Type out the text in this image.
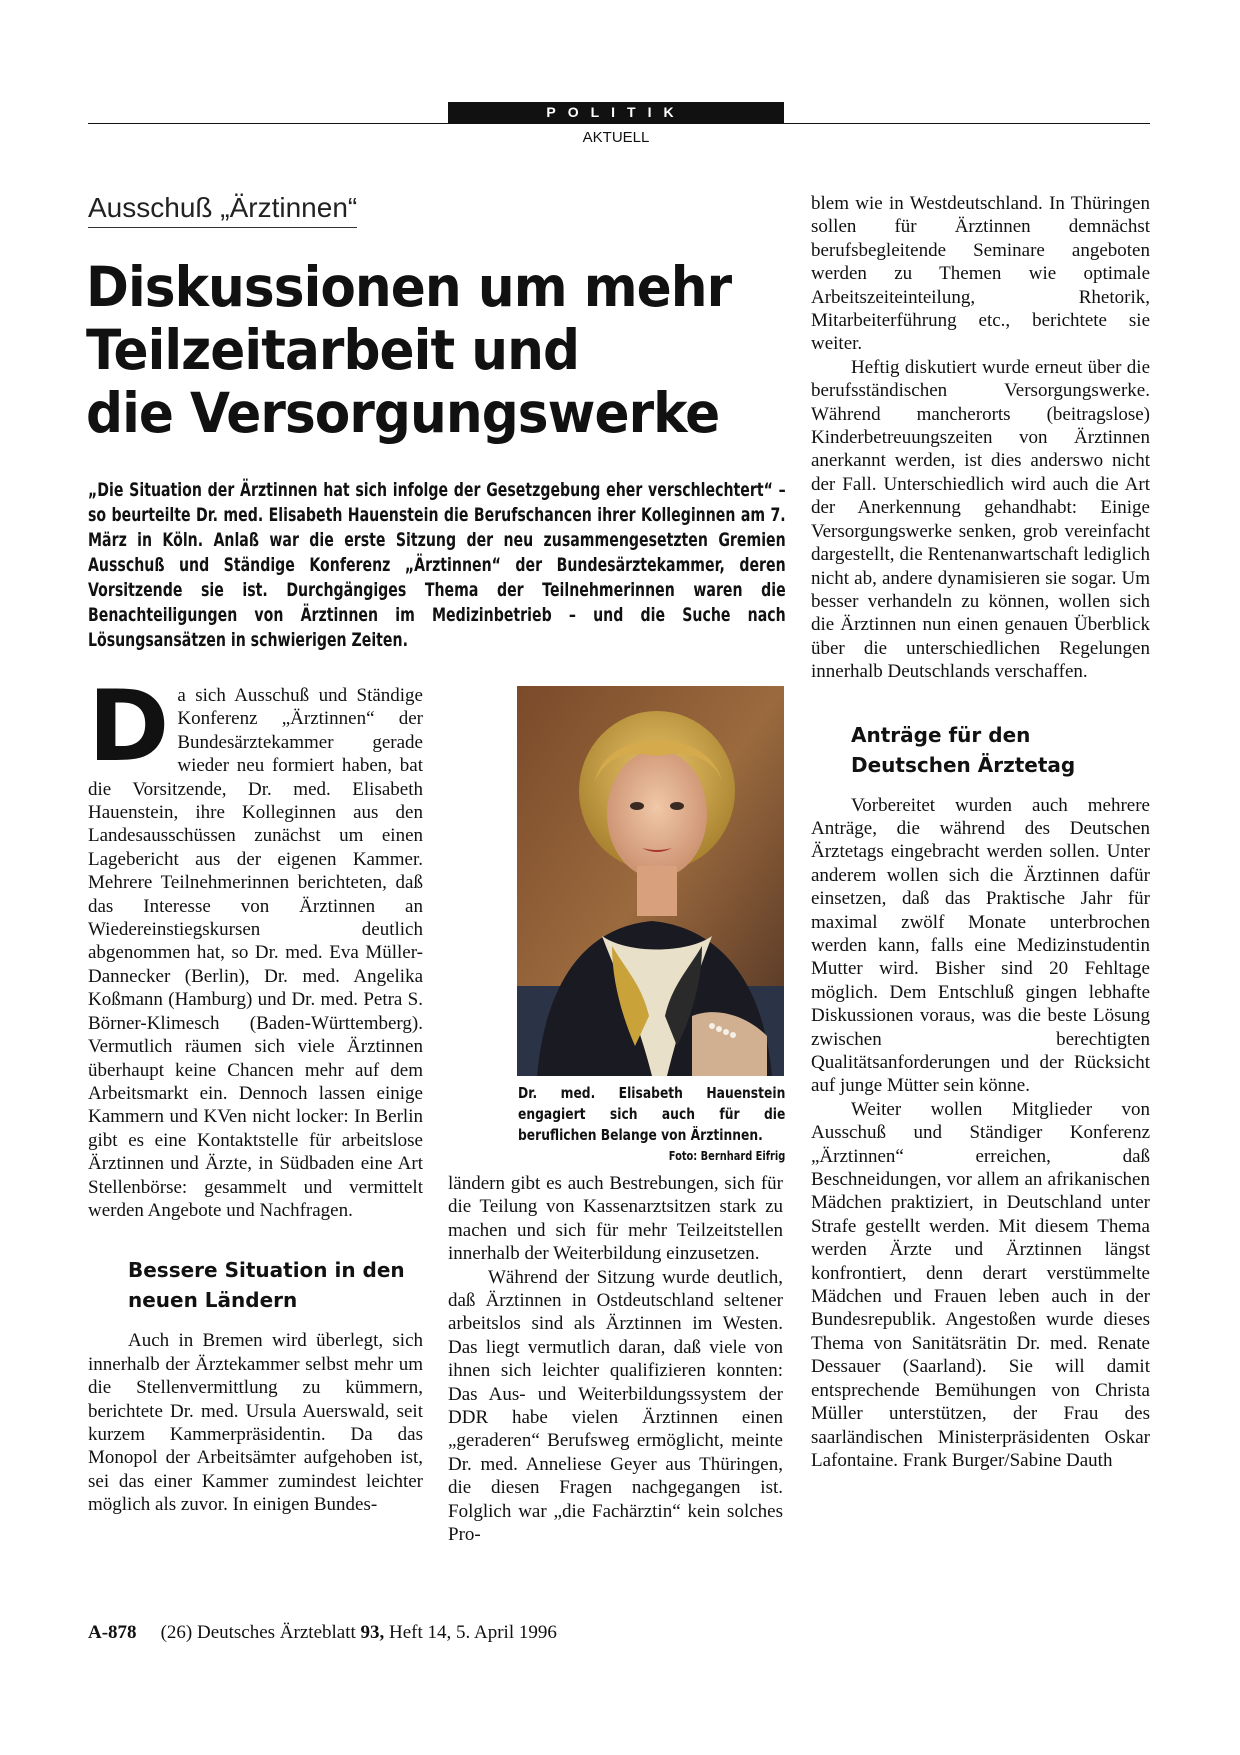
POLITIK
AKTUELL
Ausschuß „Ärztinnen“
Diskussionen um mehr
Teilzeitarbeit und
die Versorgungswerke

„Die Situation der Ärztinnen hat sich infolge der Gesetzgebung eher verschlechtert“ – so beurteilte Dr. med. Elisabeth Hauenstein die Berufschancen ihrer Kolleginnen am 7. März in Köln. Anlaß war die erste Sitzung der neu zusammengesetzten Gremien Ausschuß und Ständige Konferenz „Ärztinnen“ der Bundesärztekammer, deren Vorsitzende sie ist. Durchgängiges Thema der Teilnehmerinnen waren die Benachteiligungen von Ärztinnen im Medizinbetrieb – und die Suche nach Lösungsansätzen in schwierigen Zeiten.

Da sich Ausschuß und Ständige Konferenz „Ärztinnen“ der Bundesärztekammer gerade wieder neu formiert haben, bat die Vorsitzende, Dr. med. Elisabeth Hauenstein, ihre Kolleginnen aus den Landesausschüssen zunächst um einen Lagebericht aus der eigenen Kammer. Mehrere Teilnehmerinnen berichteten, daß das Interesse von Ärztinnen an Wiedereinstiegskursen deutlich abgenommen hat, so Dr. med. Eva Müller-Dannecker (Berlin), Dr. med. Angelika Koßmann (Hamburg) und Dr. med. Petra S. Börner-Klimesch (Baden-Württemberg). Vermutlich räumen sich viele Ärztinnen überhaupt keine Chancen mehr auf dem Arbeitsmarkt ein. Dennoch lassen einige Kammern und KVen nicht locker: In Berlin gibt es eine Kontaktstelle für arbeitslose Ärztinnen und Ärzte, in Südbaden eine Art Stellenbörse: gesammelt und vermittelt werden Angebote und Nachfragen.

Bessere Situation in den neuen Ländern

Auch in Bremen wird überlegt, sich innerhalb der Ärztekammer selbst mehr um die Stellenvermittlung zu kümmern, berichtete Dr. med. Ursula Auerswald, seit kurzem Kammerpräsidentin. Da das Monopol der Arbeitsämter aufgehoben ist, sei das einer Kammer zumindest leichter möglich als zuvor. In einigen Bundes-

Dr. med. Elisabeth Hauenstein engagiert sich auch für die beruflichen Belange von Ärztinnen.
Foto: Bernhard Eifrig

ländern gibt es auch Bestrebungen, sich für die Teilung von Kassenarztsitzen stark zu machen und sich für mehr Teilzeitstellen innerhalb der Weiterbildung einzusetzen.

Während der Sitzung wurde deutlich, daß Ärztinnen in Ostdeutschland seltener arbeitslos sind als Ärztinnen im Westen. Das liegt vermutlich daran, daß viele von ihnen sich leichter qualifizieren konnten: Das Aus- und Weiterbildungssystem der DDR habe vielen Ärztinnen einen „geraderen“ Berufsweg ermöglicht, meinte Dr. med. Anneliese Geyer aus Thüringen, die diesen Fragen nachgegangen ist. Folglich war „die Fachärztin“ kein solches Pro-

blem wie in Westdeutschland. In Thüringen sollen für Ärztinnen demnächst berufsbegleitende Seminare angeboten werden zu Themen wie optimale Arbeitszeiteinteilung, Rhetorik, Mitarbeiterführung etc., berichtete sie weiter.

Heftig diskutiert wurde erneut über die berufsständischen Versorgungswerke. Während mancherorts (beitragslose) Kinderbetreuungszeiten von Ärztinnen anerkannt werden, ist dies anderswo nicht der Fall. Unterschiedlich wird auch die Art der Anerkennung gehandhabt: Einige Versorgungswerke senken, grob vereinfacht dargestellt, die Rentenanwartschaft lediglich nicht ab, andere dynamisieren sie sogar. Um besser verhandeln zu können, wollen sich die Ärztinnen nun einen genauen Überblick über die unterschiedlichen Regelungen innerhalb Deutschlands verschaffen.

Anträge für den Deutschen Ärztetag

Vorbereitet wurden auch mehrere Anträge, die während des Deutschen Ärztetags eingebracht werden sollen. Unter anderem wollen sich die Ärztinnen dafür einsetzen, daß das Praktische Jahr für maximal zwölf Monate unterbrochen werden kann, falls eine Medizinstudentin Mutter wird. Bisher sind 20 Fehltage möglich. Dem Entschluß gingen lebhafte Diskussionen voraus, was die beste Lösung zwischen berechtigten Qualitätsanforderungen und der Rücksicht auf junge Mütter sein könne.

Weiter wollen Mitglieder von Ausschuß und Ständiger Konferenz „Ärztinnen“ erreichen, daß Beschneidungen, vor allem an afrikanischen Mädchen praktiziert, in Deutschland unter Strafe gestellt werden. Mit diesem Thema werden Ärzte und Ärztinnen längst konfrontiert, denn derart verstümmelte Mädchen und Frauen leben auch in der Bundesrepublik. Angestoßen wurde dieses Thema von Sanitätsrätin Dr. med. Renate Dessauer (Saarland). Sie will damit entsprechende Bemühungen von Christa Müller unterstützen, der Frau des saarländischen Ministerpräsidenten Oskar Lafontaine. Frank Burger/Sabine Dauth

A-878 (26) Deutsches Ärzteblatt 93, Heft 14, 5. April 1996
